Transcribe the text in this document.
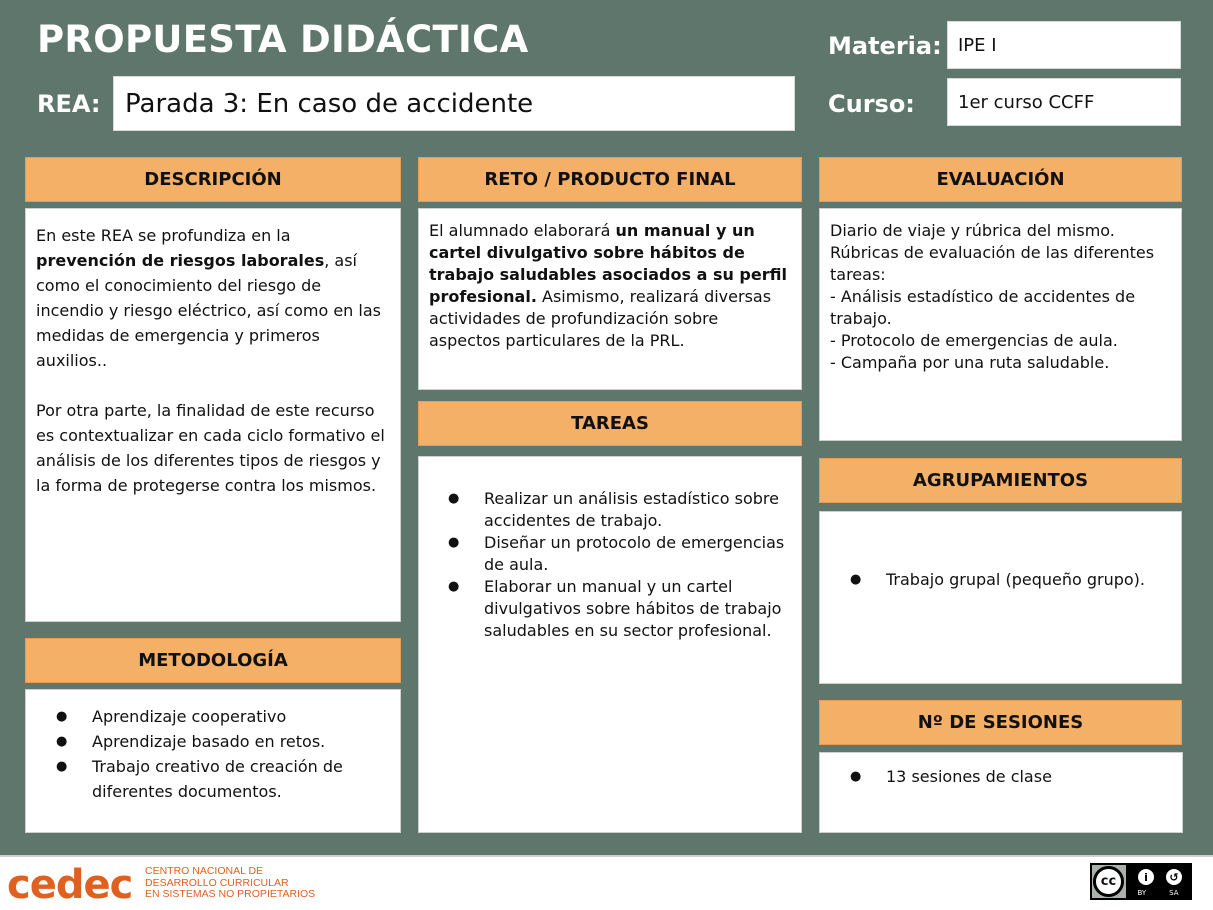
PROPUESTA DIDÁCTICA
REA: Parada 3: En caso de accidente
Materia: IPE I
Curso: 1er curso CCFF
DESCRIPCIÓN

En este REA se profundiza en la prevención de riesgos laborales, así como el conocimiento del riesgo de incendio y riesgo eléctrico, así como en las medidas de emergencia y primeros auxilios..

Por otra parte, la finalidad de este recurso es contextualizar en cada ciclo formativo el análisis de los diferentes tipos de riesgos y la forma de protegerse contra los mismos.

METODOLOGÍA
● Aprendizaje cooperativo
● Aprendizaje basado en retos.
● Trabajo creativo de creación de diferentes documentos.
RETO / PRODUCTO FINAL

El alumnado elaborará un manual y un cartel divulgativo sobre hábitos de trabajo saludables asociados a su perfil profesional. Asimismo, realizará diversas actividades de profundización sobre aspectos particulares de la PRL.

TAREAS
● Realizar un análisis estadístico sobre accidentes de trabajo.
● Diseñar un protocolo de emergencias de aula.
● Elaborar un manual y un cartel divulgativos sobre hábitos de trabajo saludables en su sector profesional.
EVALUACIÓN

Diario de viaje y rúbrica del mismo.

Rúbricas de evaluación de las diferentes tareas:

- Análisis estadístico de accidentes de trabajo.

- Protocolo de emergencias de aula.

- Campaña por una ruta saludable.

AGRUPAMIENTOS
● Trabajo grupal (pequeño grupo).
Nº DE SESIONES
● 13 sesiones de clase
cedec CENTRO NACIONAL DE
DESARROLLO CURRICULAR
EN SISTEMAS NO PROPIETARIOS
cc	i	↺
BY	SA
